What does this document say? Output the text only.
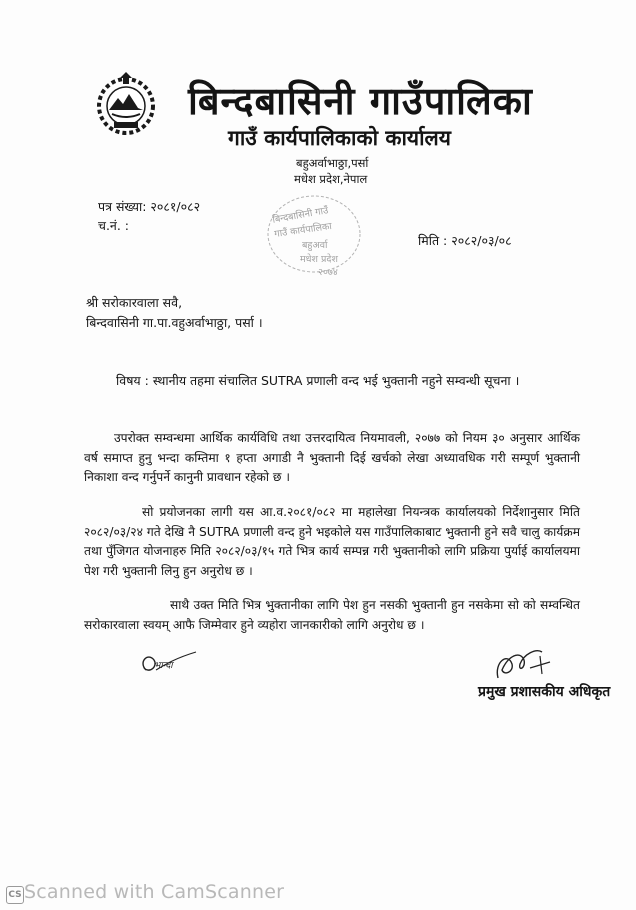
बिन्दबासिनी गाउँपालिका
गाउँ कार्यपालिकाको कार्यालय
बहुअर्वाभाठ्ठा,पर्सा
मधेश प्रदेश,नेपाल
पत्र संख्या: २०८१/०८२
च.नं. :
मिति : २०८२/०३/०८
बिन्दबासिनी गाउँ
गाउँ कार्यपालिका
बहुअर्वा
मधेश प्रदेश
२०७४
श्री सरोकारवाला सवै,
बिन्दवासिनी गा.पा.वहुअर्वाभाठ्ठा, पर्सा ।
विषय : स्थानीय तहमा संचालित SUTRA प्रणाली वन्द भई भुक्तानी नहुने सम्वन्धी सूचना ।
उपरोक्त सम्वन्धमा आर्थिक कार्यविधि तथा उत्तरदायित्व नियमावली, २०७७ को नियम ३० अनुसार आर्थिक वर्ष समाप्त हुनु भन्दा कम्तिमा १ हप्ता अगाडी नै भुक्तानी दिई खर्चको लेखा अध्यावधिक गरी सम्पूर्ण भुक्तानी निकाशा वन्द गर्नुपर्ने कानुनी प्रावधान रहेको छ ।
सो प्रयोजनका लागी यस आ.व.२०८१/०८२ मा महालेखा नियन्त्रक कार्यालयको निर्देशानुसार मिति २०८२/०३/२४ गते देखि नै SUTRA प्रणाली वन्द हुने भइकोले यस गाउँपालिकाबाट भुक्तानी हुने सवै चालु कार्यक्रम तथा पुँजिगत योजनाहरु मिति २०८२/०३/१५ गते भित्र कार्य सम्पन्न गरी भुक्तानीको लागि प्रक्रिया पुर्याई कार्यालयमा पेश गरी भुक्तानी लिनु हुन अनुरोध छ ।
साथै उक्त मिति भित्र भुक्तानीका लागि पेश हुन नसकी भुक्तानी हुन नसकेमा सो को सम्वन्धित सरोकारवाला स्वयम् आफै जिम्मेवार हुने व्यहोरा जानकारीको लागि अनुरोध छ ।
भान्दा
प्रमुख प्रशासकीय अधिकृत
CS Scanned with CamScanner
